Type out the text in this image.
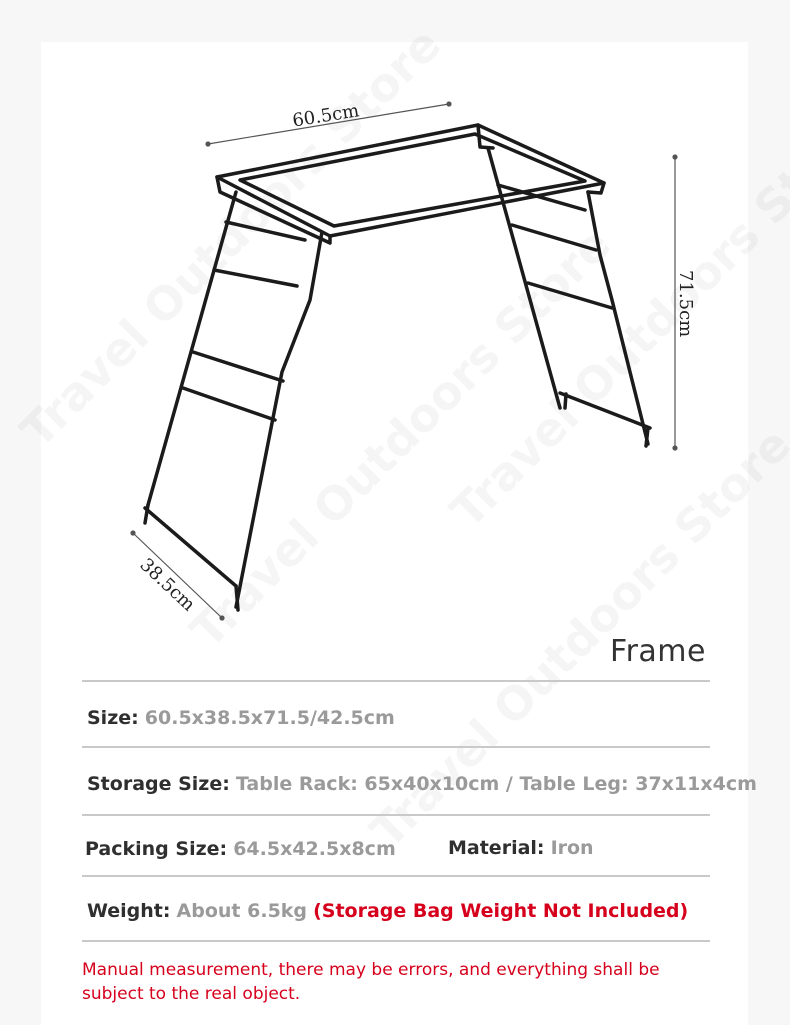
60.5cm
71.5cm
38.5cm
Frame
Size: 60.5x38.5x71.5/42.5cm
Storage Size: Table Rack: 65x40x10cm / Table Leg: 37x11x4cm
Packing Size: 64.5x42.5x8cm	Material: Iron
Weight: About 6.5kg (Storage Bag Weight Not Included)
Manual measurement, there may be errors, and everything shall be subject to the real object.
